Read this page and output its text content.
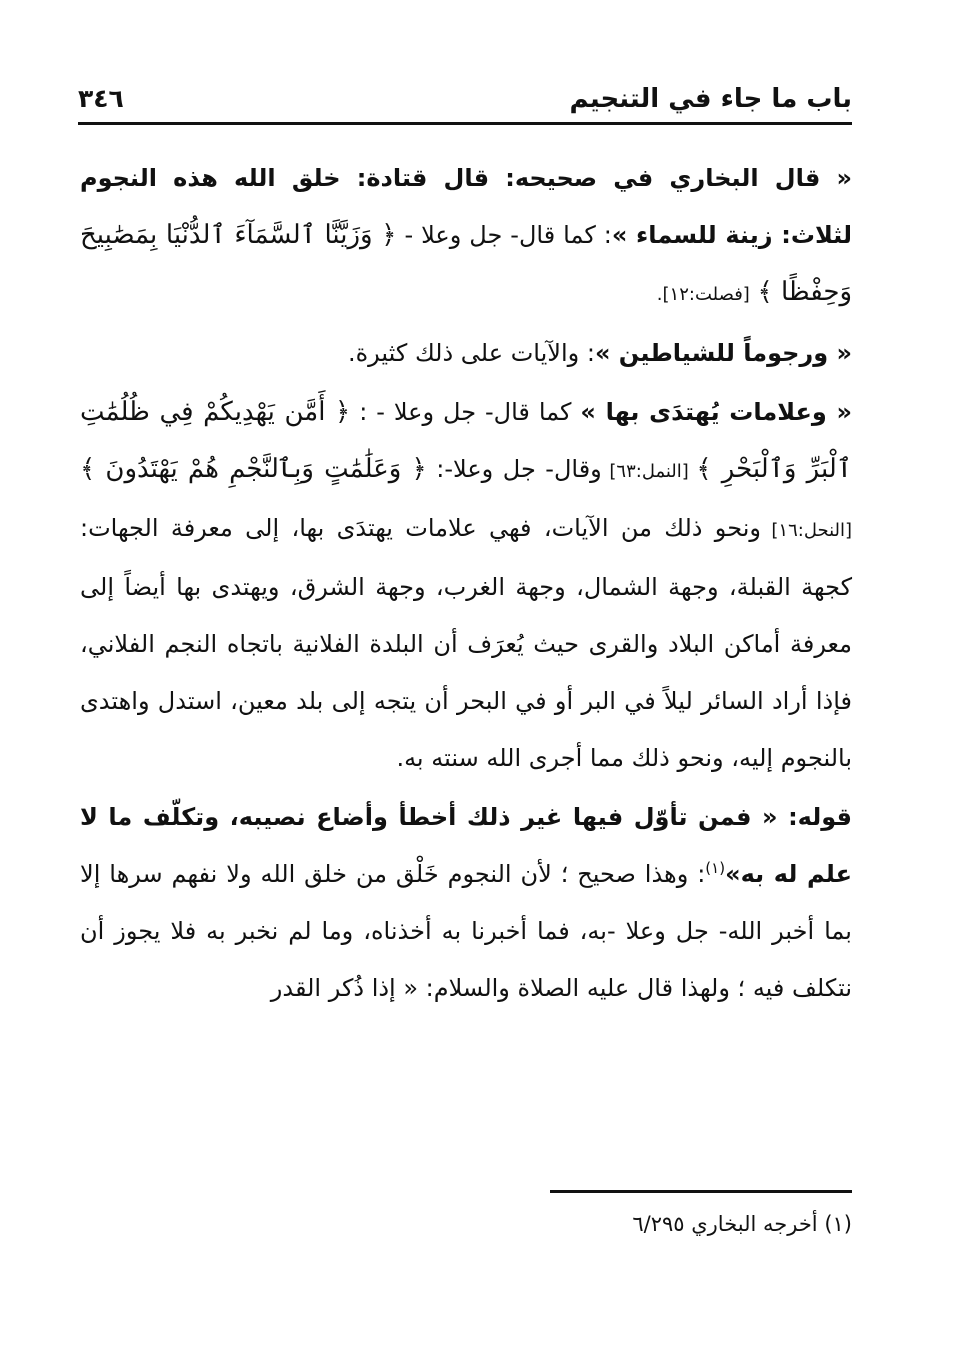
باب ما جاء في التنجيم
٣٤٦

« قال البخاري في صحيحه: قال قتادة: خلق الله هذه النجوم لثلاث: زينة للسماء »: كما قال- جل وعلا - ﴿ وَزَيَّنَّا ٱلسَّمَآءَ ٱلدُّنْيَا بِمَصَٰبِيحَ وَحِفْظًا ﴾ [فصلت:١٢].

« ورجوماً للشياطين »: والآيات على ذلك كثيرة.

« وعلامات يُهتدَى بها » كما قال- جل وعلا - : ﴿ أَمَّن يَهْدِيكُمْ فِي ظُلُمَٰتِ ٱلْبَرِّ وَٱلْبَحْرِ ﴾ [النمل:٦٣] وقال- جل وعلا-: ﴿ وَعَلَٰمَٰتٍ وَبِٱلنَّجْمِ هُمْ يَهْتَدُونَ ﴾ [النحل:١٦] ونحو ذلك من الآيات، فهي علامات يهتدَى بها، إلى معرفة الجهات: كجهة القبلة، وجهة الشمال، وجهة الغرب، وجهة الشرق، ويهتدى بها أيضاً إلى معرفة أماكن البلاد والقرى حيث يُعرَف أن البلدة الفلانية باتجاه النجم الفلاني، فإذا أراد السائر ليلاً في البر أو في البحر أن يتجه إلى بلد معين، استدل واهتدى بالنجوم إليه، ونحو ذلك مما أجرى الله سنته به.

قوله: « فمن تأوّل فيها غير ذلك أخطأ وأضاع نصيبه، وتكلّف ما لا علم له به»$^{(١)}$: وهذا صحيح ؛ لأن النجوم خَلْق من خلق الله ولا نفهم سرها إلا بما أخبر الله- جل وعلا -به، فما أخبرنا به أخذناه، وما لم نخبر به فلا يجوز أن نتكلف فيه ؛ ولهذا قال عليه الصلاة والسلام: « إذا ذُكر القدر

(١) أخرجه البخاري ٦/٢٩٥
